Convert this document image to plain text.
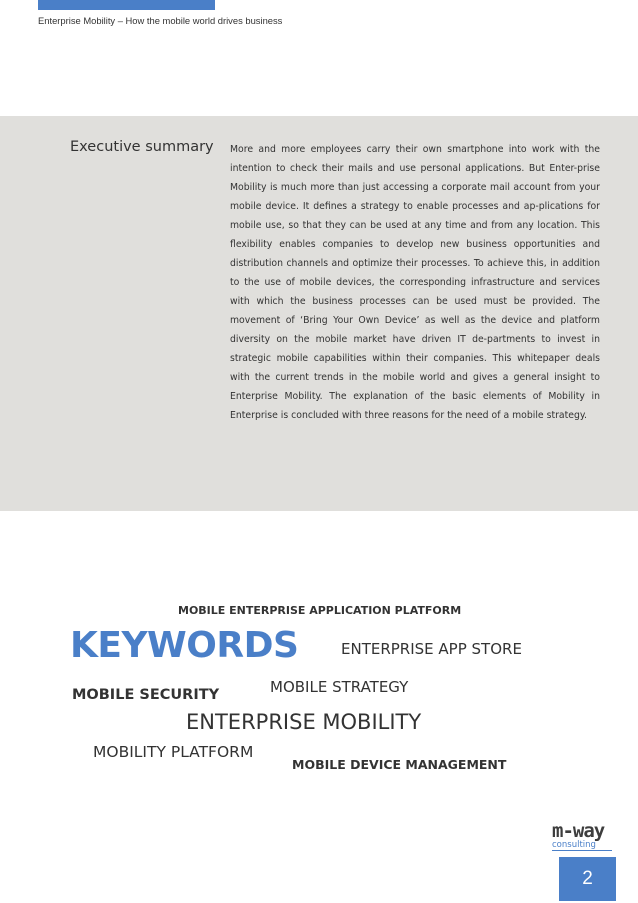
Enterprise Mobility – How the mobile world drives business
Executive summary More and more employees carry their own smartphone into work with the intention to check their mails and use personal applications. But Enter-prise Mobility is much more than just accessing a corporate mail account from your mobile device. It defines a strategy to enable processes and ap-plications for mobile use, so that they can be used at any time and from any location. This flexibility enables companies to develop new business opportunities and distribution channels and optimize their processes. To achieve this, in addition to the use of mobile devices, the corresponding infrastructure and services with which the business processes can be used must be provided. The movement of ‘Bring Your Own Device’ as well as the device and platform diversity on the mobile market have driven IT de-partments to invest in strategic mobile capabilities within their companies. This whitepaper deals with the current trends in the mobile world and gives a general insight to Enterprise Mobility. The explanation of the basic elements of Mobility in Enterprise is concluded with three reasons for the need of a mobile strategy.

MOBILE ENTERPRISE APPLICATION PLATFORM
KEYWORDS	ENTERPRISE APP STORE
MOBILE STRATEGY
MOBILE SECURITY
ENTERPRISE MOBILITY
MOBILITY PLATFORM
MOBILE DEVICE MANAGEMENT
m-way
consulting
2
